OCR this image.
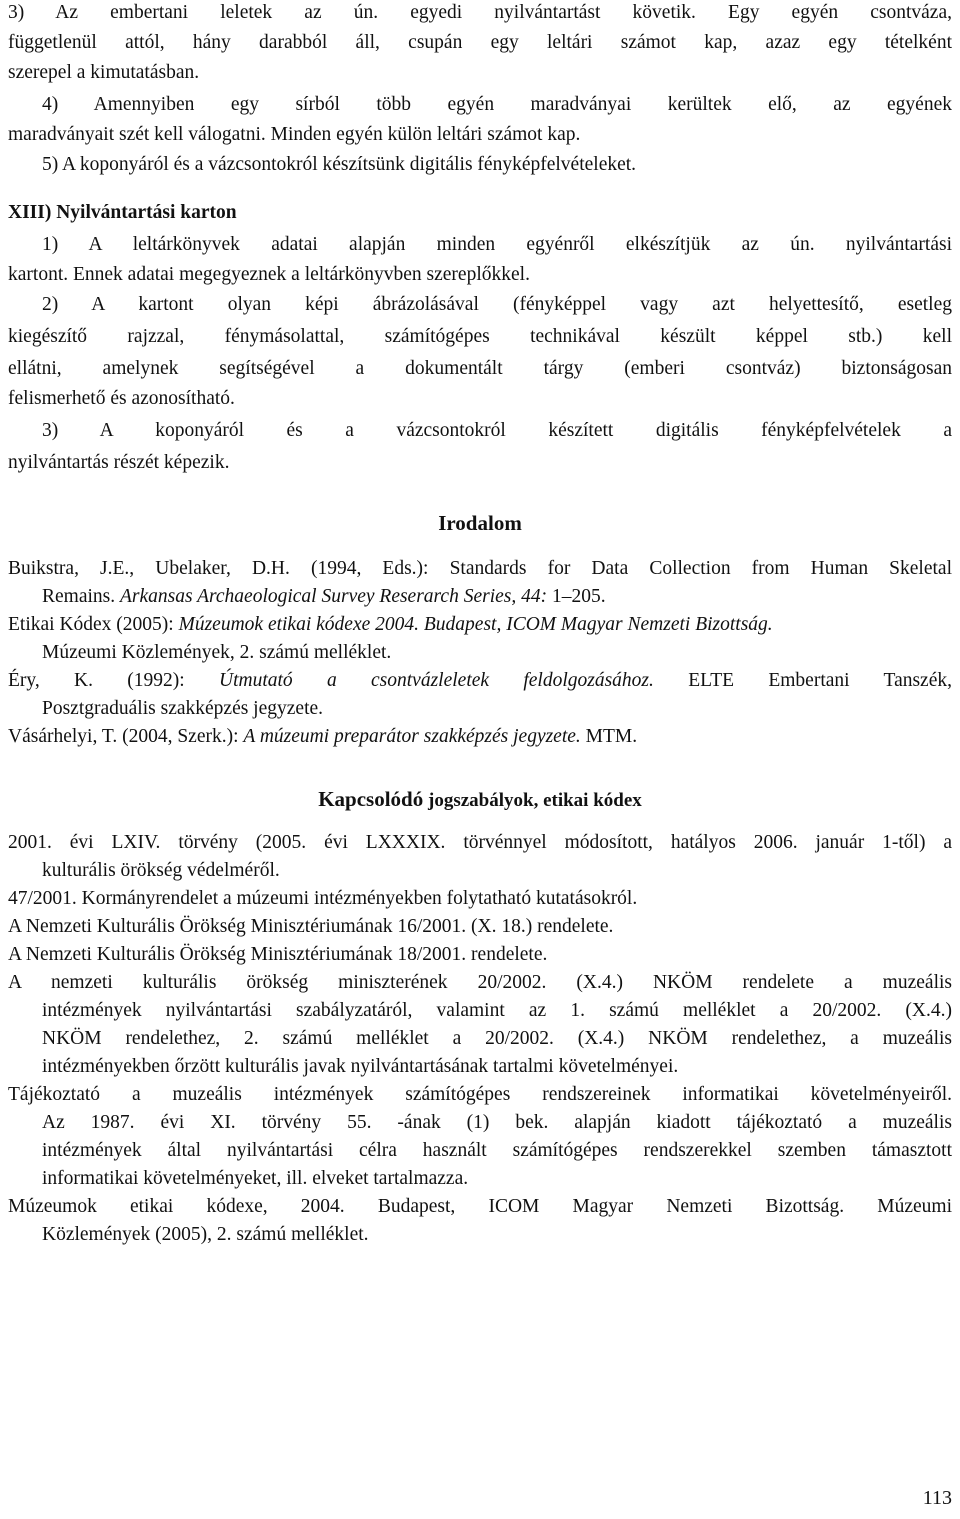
3) Az embertani leletek az ún. egyedi nyilvántartást követik. Egy egyén csontváza,
függetlenül attól, hány darabból áll, csupán egy leltári számot kap, azaz egy tételként
szerepel a kimutatásban.
4) Amennyiben egy sírból több egyén maradványai kerültek elő, az egyének
maradványait szét kell válogatni. Minden egyén külön leltári számot kap.
5) A koponyáról és a vázcsontokról készítsünk digitális fényképfelvételeket.
XIII) Nyilvántartási karton
1) A leltárkönyvek adatai alapján minden egyénről elkészítjük az ún. nyilvántartási
kartont. Ennek adatai megegyeznek a leltárkönyvben szereplőkkel.
2) A kartont olyan képi ábrázolásával (fényképpel vagy azt helyettesítő, esetleg
kiegészítő rajzzal, fénymásolattal, számítógépes technikával készült képpel stb.) kell
ellátni, amelynek segítségével a dokumentált tárgy (emberi csontváz) biztonságosan
felismerhető és azonosítható.
3) A koponyáról és a vázcsontokról készített digitális fényképfelvételek a
nyilvántartás részét képezik.
Irodalom
Buikstra, J.E., Ubelaker, D.H. (1994, Eds.): Standards for Data Collection from Human Skeletal
Remains. Arkansas Archaeological Survey Reserarch Series, 44: 1–205.
Etikai Kódex (2005): Múzeumok etikai kódexe 2004. Budapest, ICOM Magyar Nemzeti Bizottság.
Múzeumi Közlemények, 2. számú melléklet.
Éry, K. (1992): Útmutató a csontvázleletek feldolgozásához. ELTE Embertani Tanszék,
Posztgraduális szakképzés jegyzete.
Vásárhelyi, T. (2004, Szerk.): A múzeumi preparátor szakképzés jegyzete. MTM.
Kapcsolódó jogszabályok, etikai kódex
2001. évi LXIV. törvény (2005. évi LXXXIX. törvénnyel módosított, hatályos 2006. január 1-től) a
kulturális örökség védelméről.
47/2001. Kormányrendelet a múzeumi intézményekben folytatható kutatásokról.
A Nemzeti Kulturális Örökség Minisztériumának 16/2001. (X. 18.) rendelete.
A Nemzeti Kulturális Örökség Minisztériumának 18/2001. rendelete.
A nemzeti kulturális örökség miniszterének 20/2002. (X.4.) NKÖM rendelete a muzeális
intézmények nyilvántartási szabályzatáról, valamint az 1. számú melléklet a 20/2002. (X.4.)
NKÖM rendelethez, 2. számú melléklet a 20/2002. (X.4.) NKÖM rendelethez, a muzeális
intézményekben őrzött kulturális javak nyilvántartásának tartalmi követelményei.
Tájékoztató a muzeális intézmények számítógépes rendszereinek informatikai követelményeiről.
Az 1987. évi XI. törvény 55. -ának (1) bek. alapján kiadott tájékoztató a muzeális
intézmények által nyilvántartási célra használt számítógépes rendszerekkel szemben támasztott
informatikai követelményeket, ill. elveket tartalmazza.
Múzeumok etikai kódexe, 2004. Budapest, ICOM Magyar Nemzeti Bizottság. Múzeumi
Közlemények (2005), 2. számú melléklet.
113
